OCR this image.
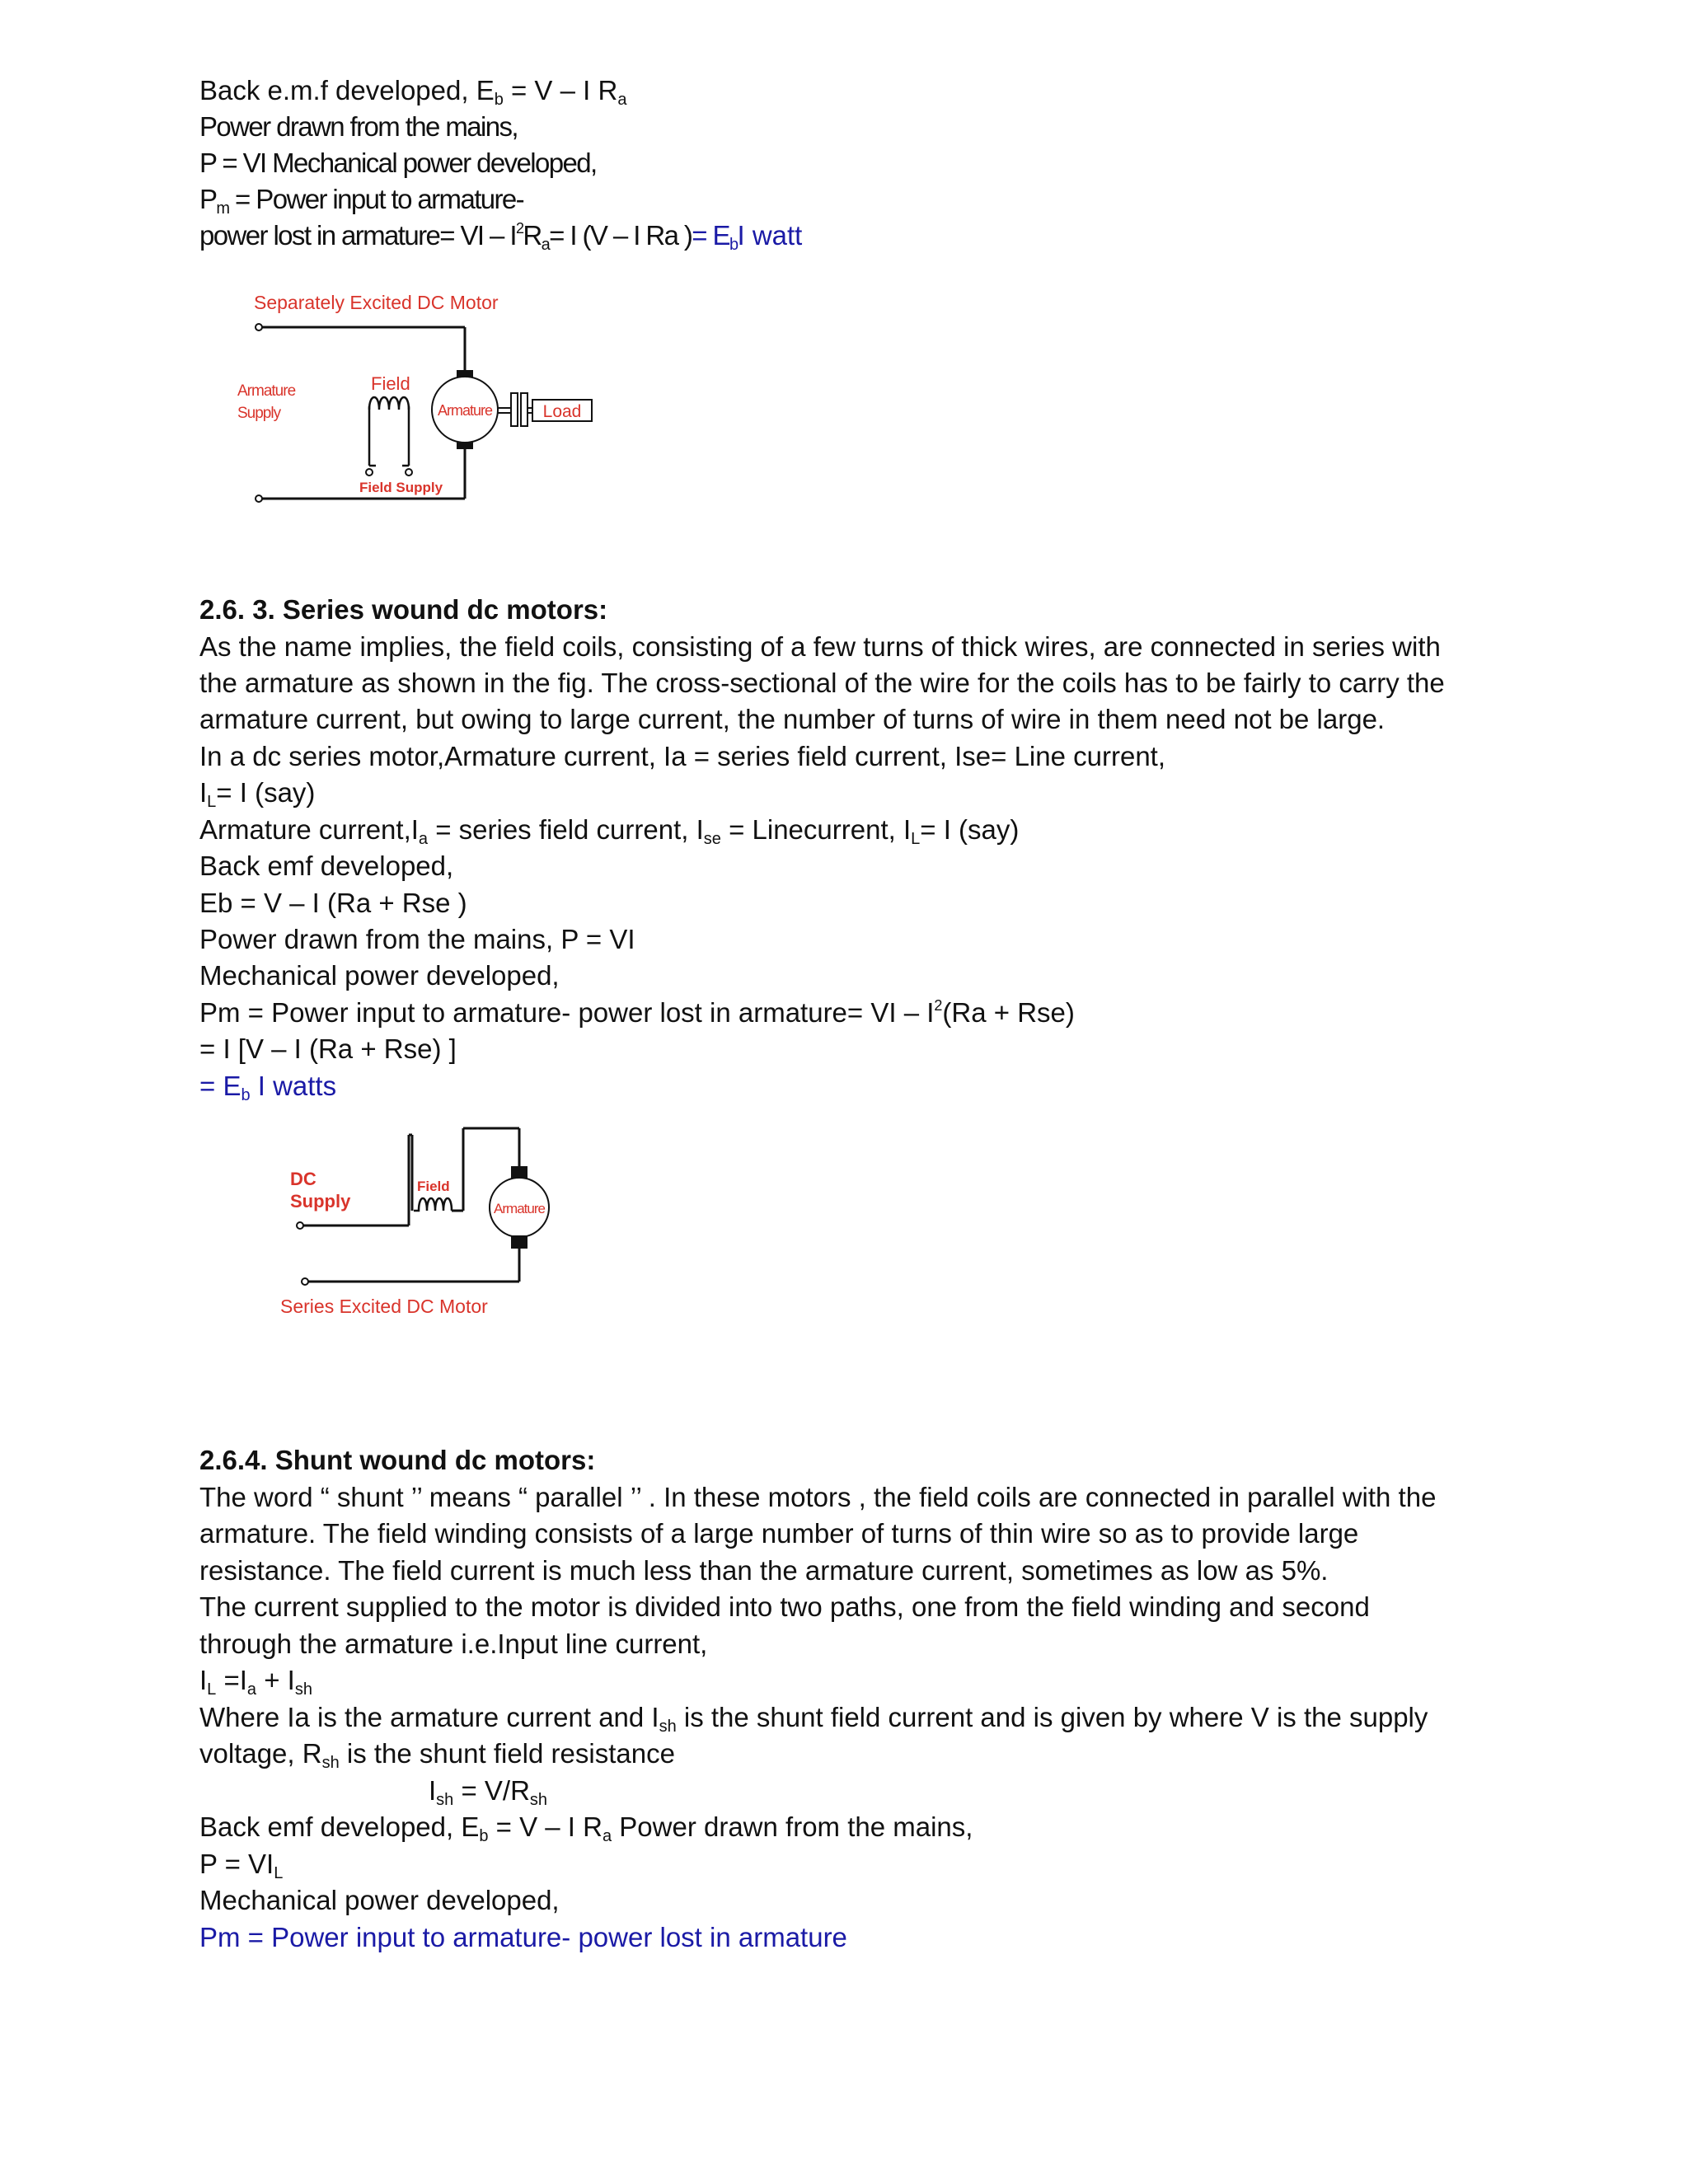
Back e.m.f developed, $E_b = V - I$ $R_a$
Power drawn from the mains,
P = VI Mechanical power developed,
$P_m$ = Power input to armature-
power lost in armature= VI – $I^2R_a= I$ (V – I Ra )= $E_bI$ watt
Separately Excited DC Motor
Armature
Supply
Field
Field Supply
Armature	Load
2.6. 3. Series wound dc motors:
As the name implies, the field coils, consisting of a few turns of thick wires, are connected in series with
the armature as shown in the fig. The cross-sectional of the wire for the coils has to be fairly to carry the
armature current, but owing to large current, the number of turns of wire in them need not be large.
In a dc series motor,Armature current, Ia = series field current, Ise= Line current,
$I_L= I$ (say)
Armature $current,I_a$ = series field current, $I_{se}$ = Linecurrent, $I_L= I$ (say)
Back emf developed,
Eb = V – I (Ra + Rse )
Power drawn from the mains, P = VI
Mechanical power developed,
Pm = Power input to armature- power lost in armature= VI – $I^2(Ra + Rse)$
= I [V – I (Ra + Rse) ]
= $E_b$ I watts
DC
Supply
Field
Armature
Series Excited DC Motor
2.6.4. Shunt wound dc motors:
The word “ shunt ’’ means “ parallel ’’ . In these motors , the field coils are connected in parallel with the
armature. The field winding consists of a large number of turns of thin wire so as to provide large
resistance. The field current is much less than the armature current, sometimes as low as 5%.
The current supplied to the motor is divided into two paths, one from the field winding and second
through the armature i.e.Input line current,
$I_L =I_a + I_{sh}$
Where Ia is the armature current and $I_{sh}$ is the shunt field current and is given by where V is the supply
voltage, $R_{sh}$ is the shunt field resistance
$I_{sh} = V/R_{sh}$
Back emf developed, $E_b = V - I$ $R_a$ Power drawn from the mains,
$P = VI_L$
Mechanical power developed,
Pm = Power input to armature- power lost in armature
